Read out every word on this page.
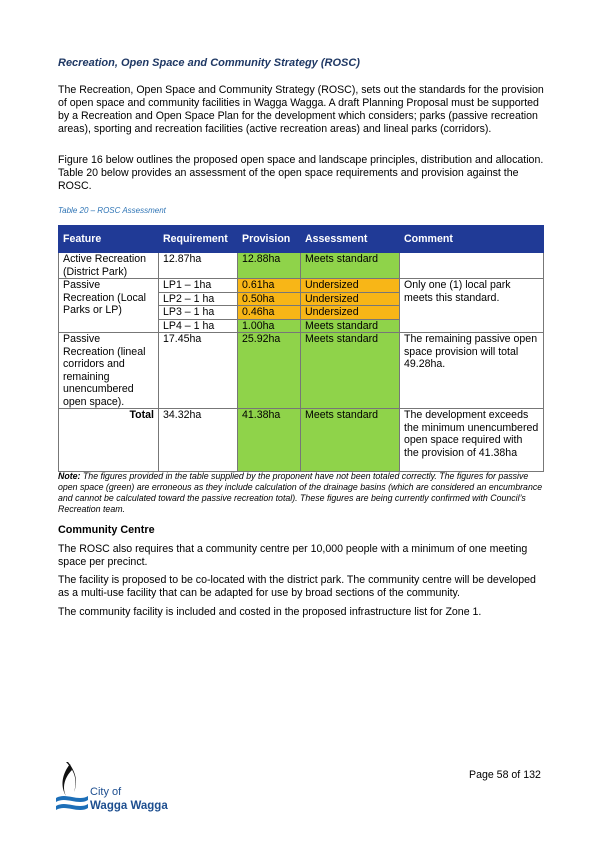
Recreation, Open Space and Community Strategy (ROSC)
The Recreation, Open Space and Community Strategy (ROSC), sets out the standards for the provision of open space and community facilities in Wagga Wagga. A draft Planning Proposal must be supported by a Recreation and Open Space Plan for the development which considers; parks (passive recreation areas), sporting and recreation facilities (active recreation areas) and lineal parks (corridors).
Figure 16 below outlines the proposed open space and landscape principles, distribution and allocation. Table 20 below provides an assessment of the open space requirements and provision against the ROSC.
Table 20 – ROSC Assessment
Feature	Requirement	Provision	Assessment	Comment
Active Recreation (District Park)	12.87ha	12.88ha	Meets standard	
Passive Recreation (Local Parks or LP)	LP1 – 1ha	0.61ha	Undersized	Only one (1) local park meets this standard.
	LP2 – 1 ha	0.50ha	Undersized	
	LP3 – 1 ha	0.46ha	Undersized	
	LP4 – 1 ha	1.00ha	Meets standard	
Passive Recreation (lineal corridors and remaining unencumbered open space).	17.45ha	25.92ha	Meets standard	The remaining passive open space provision will total 49.28ha.
Total	34.32ha	41.38ha	Meets standard	The development exceeds the minimum unencumbered open space required with the provision of 41.38ha
Note: The figures provided in the table supplied by the proponent have not been totaled correctly. The figures for passive open space (green) are erroneous as they include calculation of the drainage basins (which are considered an encumbrance and cannot be calculated toward the passive recreation total). These figures are being currently confirmed with Council’s Recreation team.
Community Centre
The ROSC also requires that a community centre per 10,000 people with a minimum of one meeting space per precinct.
The facility is proposed to be co-located with the district park. The community centre will be developed as a multi-use facility that can be adapted for use by broad sections of the community.
The community facility is included and costed in the proposed infrastructure list for Zone 1.
Page 58 of 132
City of
Wagga Wagga
